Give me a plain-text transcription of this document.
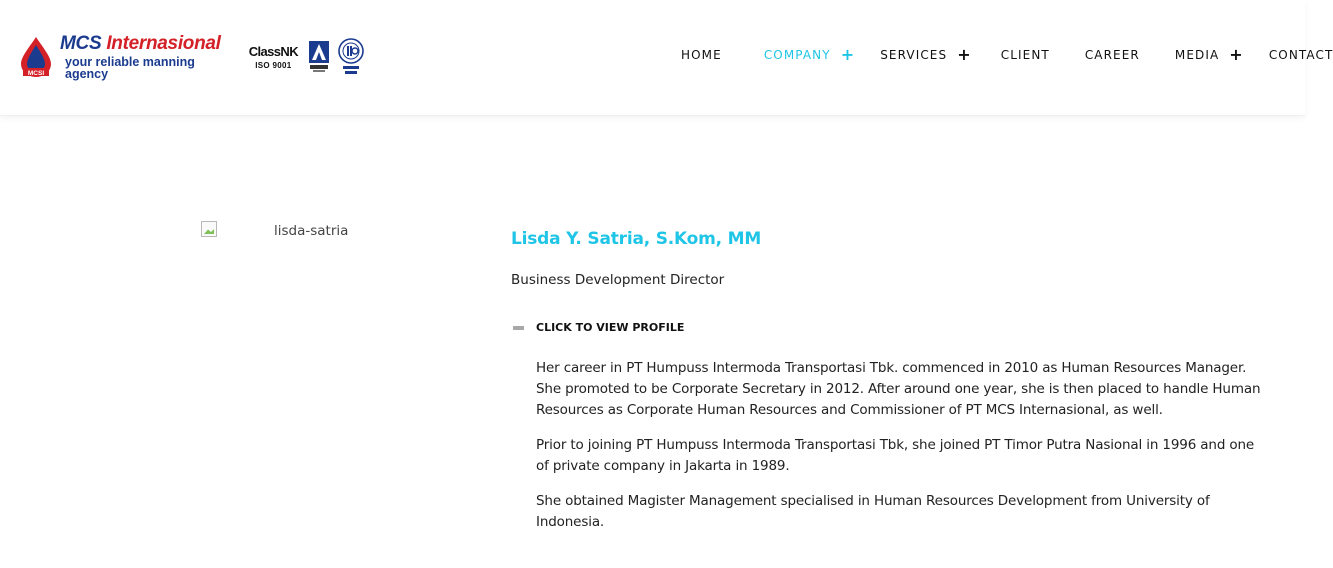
MCSI
MCS Internasional
your reliable manning agency
ClassNK
ISO 9001
HOME	COMPANY + SERVICES + CLIENT	CAREER	MEDIA + CONTACT
lisda-satria	Lisda Y. Satria, S.Kom, MM
Business Development Director
CLICK TO VIEW PROFILE

Her career in PT Humpuss Intermoda Transportasi Tbk. commenced in 2010 as Human Resources Manager. She promoted to be Corporate Secretary in 2012. After around one year, she is then placed to handle Human Resources as Corporate Human Resources and Commissioner of PT MCS Internasional, as well.

Prior to joining PT Humpuss Intermoda Transportasi Tbk, she joined PT Timor Putra Nasional in 1996 and one of private company in Jakarta in 1989.

She obtained Magister Management specialised in Human Resources Development from University of Indonesia.
